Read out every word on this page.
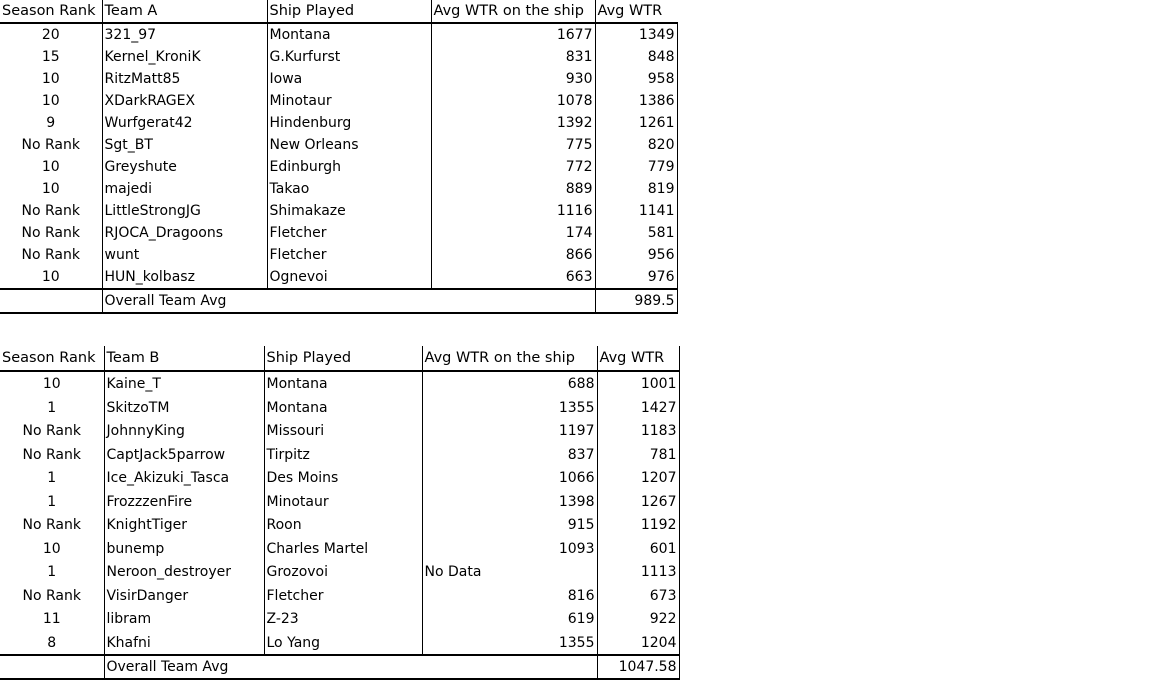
Season Rank	Team A	Ship Played	Avg WTR on the ship	Avg WTR
20	321_97	Montana	1677	1349
15	Kernel_KroniK	G.Kurfurst	831	848
10	RitzMatt85	Iowa	930	958
10	XDarkRAGEX	Minotaur	1078	1386
9	Wurfgerat42	Hindenburg	1392	1261
No Rank	Sgt_BT	New Orleans	775	820
10	Greyshute	Edinburgh	772	779
10	majedi	Takao	889	819
No Rank	LittleStrongJG	Shimakaze	1116	1141
No Rank	RJOCA_Dragoons	Fletcher	174	581
No Rank	wunt	Fletcher	866	956
10	HUN_kolbasz	Ognevoi	663	976
	Overall Team Avg			989.5
Season Rank	Team B	Ship Played	Avg WTR on the ship	Avg WTR
10	Kaine_T	Montana	688	1001
1	SkitzoTM	Montana	1355	1427
No Rank	JohnnyKing	Missouri	1197	1183
No Rank	CaptJack5parrow	Tirpitz	837	781
1	Ice_Akizuki_Tasca	Des Moins	1066	1207
1	FrozzzenFire	Minotaur	1398	1267
No Rank	KnightTiger	Roon	915	1192
10	bunemp	Charles Martel	1093	601
1	Neroon_destroyer	Grozovoi	No Data	1113
No Rank	VisirDanger	Fletcher	816	673
11	libram	Z-23	619	922
8	Khafni	Lo Yang	1355	1204
	Overall Team Avg			1047.58
